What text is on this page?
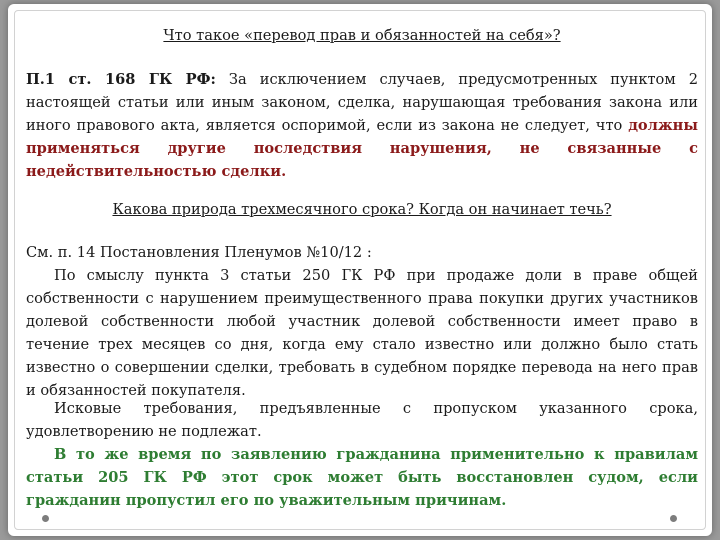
Что такое «перевод прав и обязанностей на себя»?
П.1 ст. 168 ГК РФ: За исключением случаев, предусмотренных пунктом 2 настоящей статьи или иным законом, сделка, нарушающая требования закона или иного правового акта, является оспоримой, если из закона не следует, что должны применяться другие последствия нарушения, не связанные с недействительностью сделки.
Какова природа трехмесячного срока? Когда он начинает течь?
См. п. 14 Постановления Пленумов №10/12 :
По смыслу пункта 3 статьи 250 ГК РФ при продаже доли в праве общей собственности с нарушением преимущественного права покупки других участников долевой собственности любой участник долевой собственности имеет право в течение трех месяцев со дня, когда ему стало известно или должно было стать известно о совершении сделки, требовать в судебном порядке перевода на него прав и обязанностей покупателя.
Исковые требования, предъявленные с пропуском указанного срока, удовлетворению не подлежат.
В то же время по заявлению гражданина применительно к правилам статьи 205 ГК РФ этот срок может быть восстановлен судом, если гражданин пропустил его по уважительным причинам.
